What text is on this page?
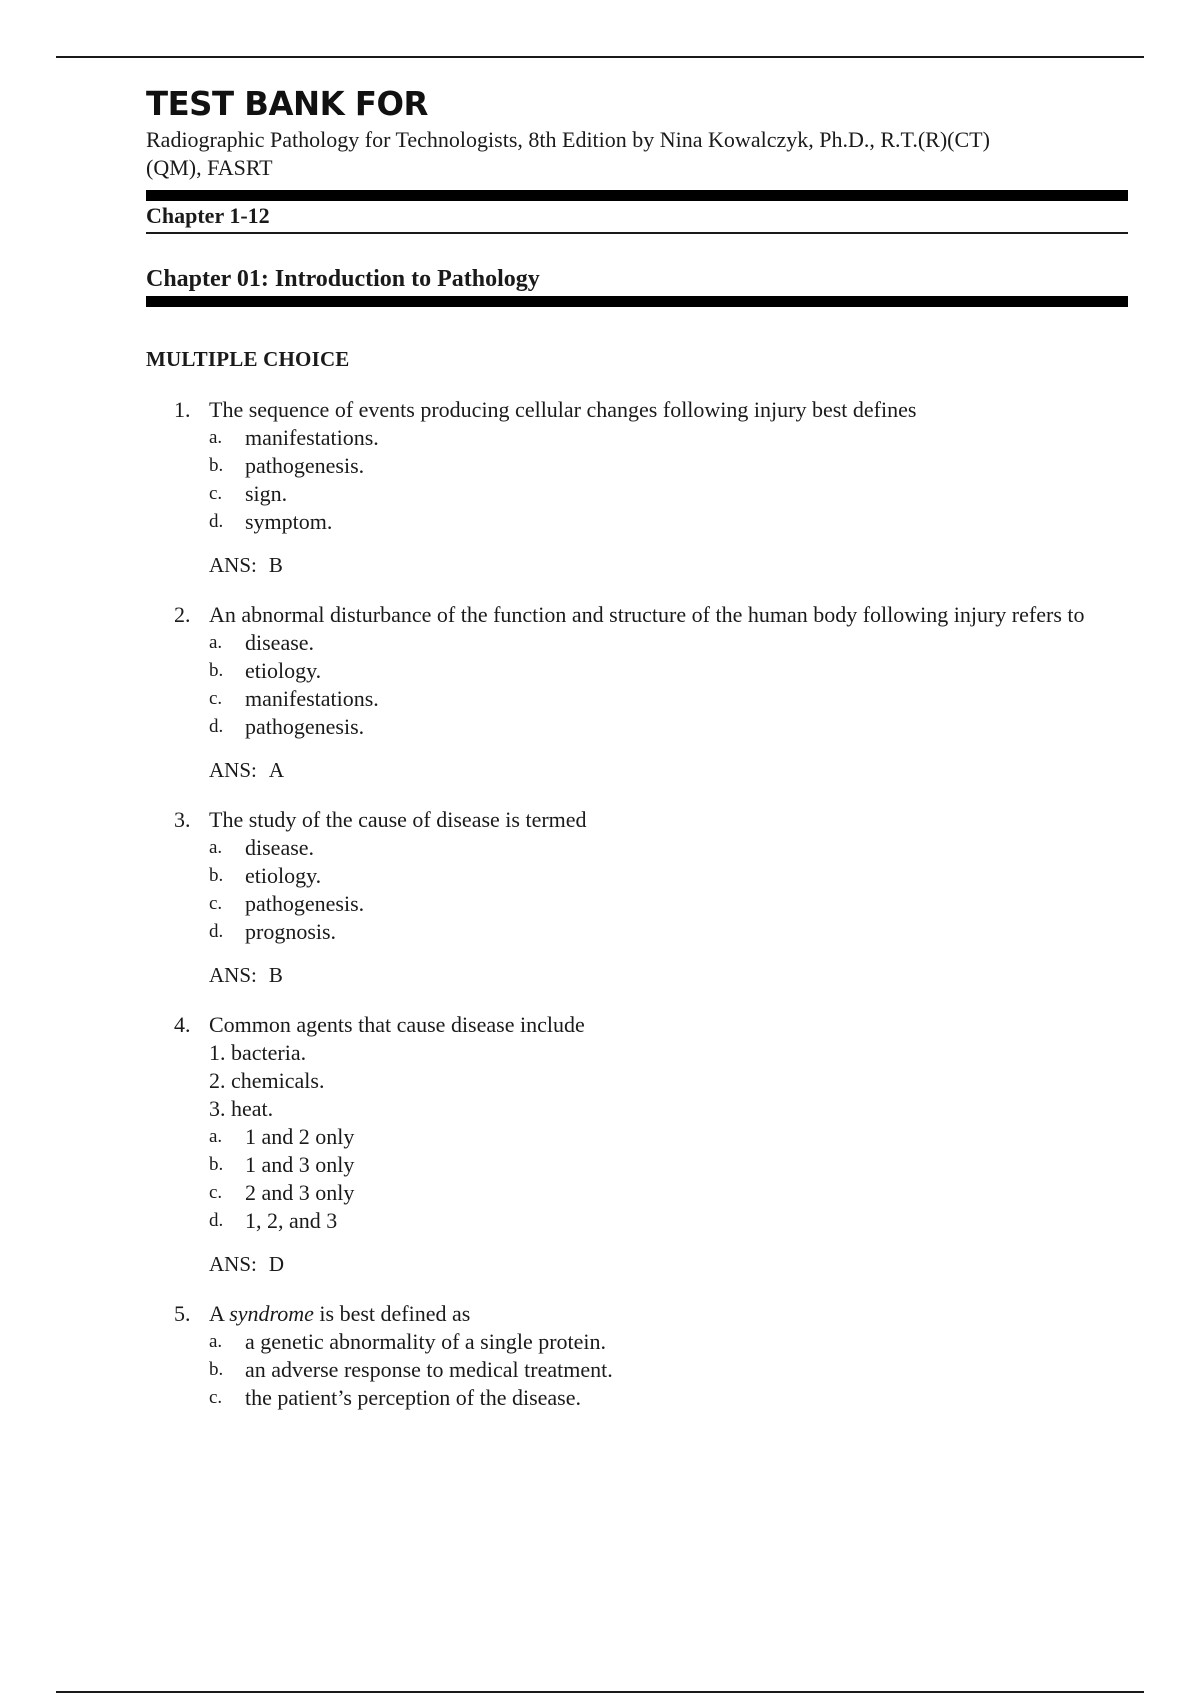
TEST BANK FOR
Radiographic Pathology for Technologists, 8th Edition by Nina Kowalczyk, Ph.D., R.T.(R)(CT)(QM), FASRT
Chapter 1-12
Chapter 01: Introduction to Pathology
MULTIPLE CHOICE
1. The sequence of events producing cellular changes following injury best defines
a. manifestations.
b. pathogenesis.
c. sign.
d. symptom.
ANS: B
2. An abnormal disturbance of the function and structure of the human body following injury refers to
a. disease.
b. etiology.
c. manifestations.
d. pathogenesis.
ANS: A
3. The study of the cause of disease is termed
a. disease.
b. etiology.
c. pathogenesis.
d. prognosis.
ANS: B
4. Common agents that cause disease include
1. bacteria.
2. chemicals.
3. heat.
a. 1 and 2 only
b. 1 and 3 only
c. 2 and 3 only
d. 1, 2, and 3
ANS: D
5. A syndrome is best defined as
a. a genetic abnormality of a single protein.
b. an adverse response to medical treatment.
c. the patient’s perception of the disease.
